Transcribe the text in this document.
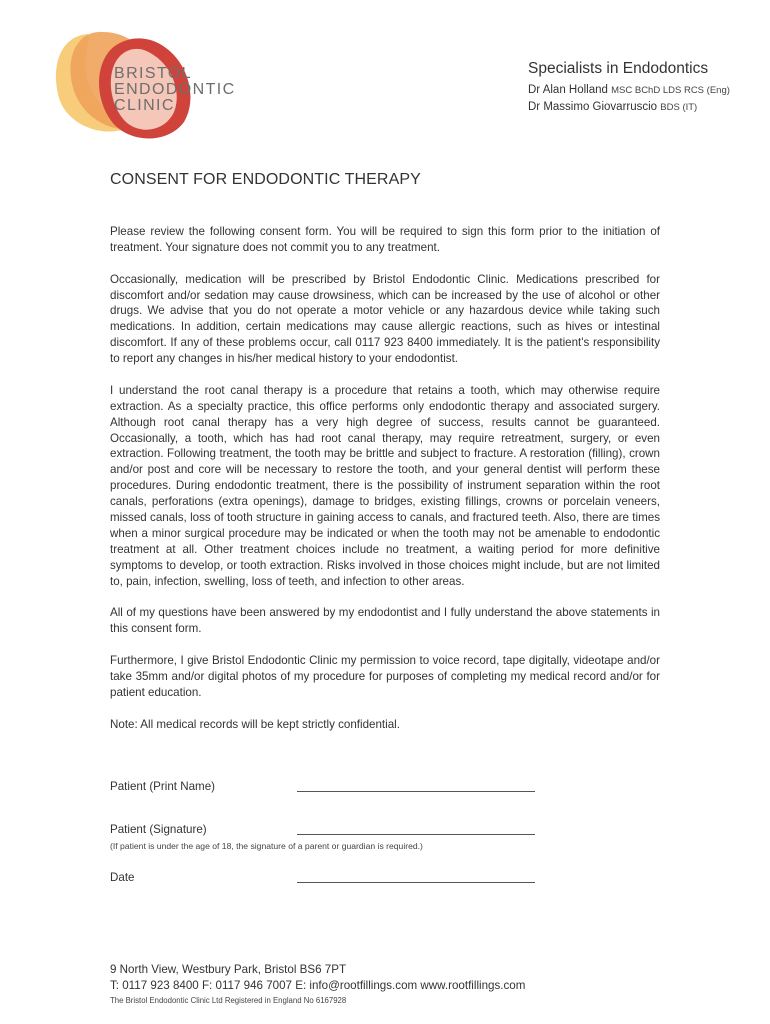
BRISTOL
ENDODONTIC
CLINIC
Specialists in Endodontics
Dr Alan Holland MSC BChD LDS RCS (Eng)
Dr Massimo Giovarruscio BDS (IT)
CONSENT FOR ENDODONTIC THERAPY

Please review the following consent form. You will be required to sign this form prior to the initiation of treatment. Your signature does not commit you to any treatment.

Occasionally, medication will be prescribed by Bristol Endodontic Clinic. Medications prescribed for discomfort and/or sedation may cause drowsiness, which can be increased by the use of alcohol or other drugs. We advise that you do not operate a motor vehicle or any hazardous device while taking such medications. In addition, certain medications may cause allergic reactions, such as hives or intestinal discomfort. If any of these problems occur, call 0117 923 8400 immediately. It is the patient's responsibility to report any changes in his/her medical history to your endodontist.

I understand the root canal therapy is a procedure that retains a tooth, which may otherwise require extraction. As a specialty practice, this office performs only endodontic therapy and associated surgery. Although root canal therapy has a very high degree of success, results cannot be guaranteed. Occasionally, a tooth, which has had root canal therapy, may require retreatment, surgery, or even extraction. Following treatment, the tooth may be brittle and subject to fracture. A restoration (filling), crown and/or post and core will be necessary to restore the tooth, and your general dentist will perform these procedures. During endodontic treatment, there is the possibility of instrument separation within the root canals, perforations (extra openings), damage to bridges, existing fillings, crowns or porcelain veneers, missed canals, loss of tooth structure in gaining access to canals, and fractured teeth. Also, there are times when a minor surgical procedure may be indicated or when the tooth may not be amenable to endodontic treatment at all. Other treatment choices include no treatment, a waiting period for more definitive symptoms to develop, or tooth extraction. Risks involved in those choices might include, but are not limited to, pain, infection, swelling, loss of teeth, and infection to other areas.

All of my questions have been answered by my endodontist and I fully understand the above statements in this consent form.

Furthermore, I give Bristol Endodontic Clinic my permission to voice record, tape digitally, videotape and/or take 35mm and/or digital photos of my procedure for purposes of completing my medical record and/or for patient education.

Note: All medical records will be kept strictly confidential.

Patient (Print Name)
Patient (Signature)
(If patient is under the age of 18, the signature of a parent or guardian is required.)
Date
9 North View, Westbury Park, Bristol BS6 7PT
T: 0117 923 8400 F: 0117 946 7007 E: info@rootfillings.com www.rootfillings.com
The Bristol Endodontic Clinic Ltd Registered in England No 6167928
